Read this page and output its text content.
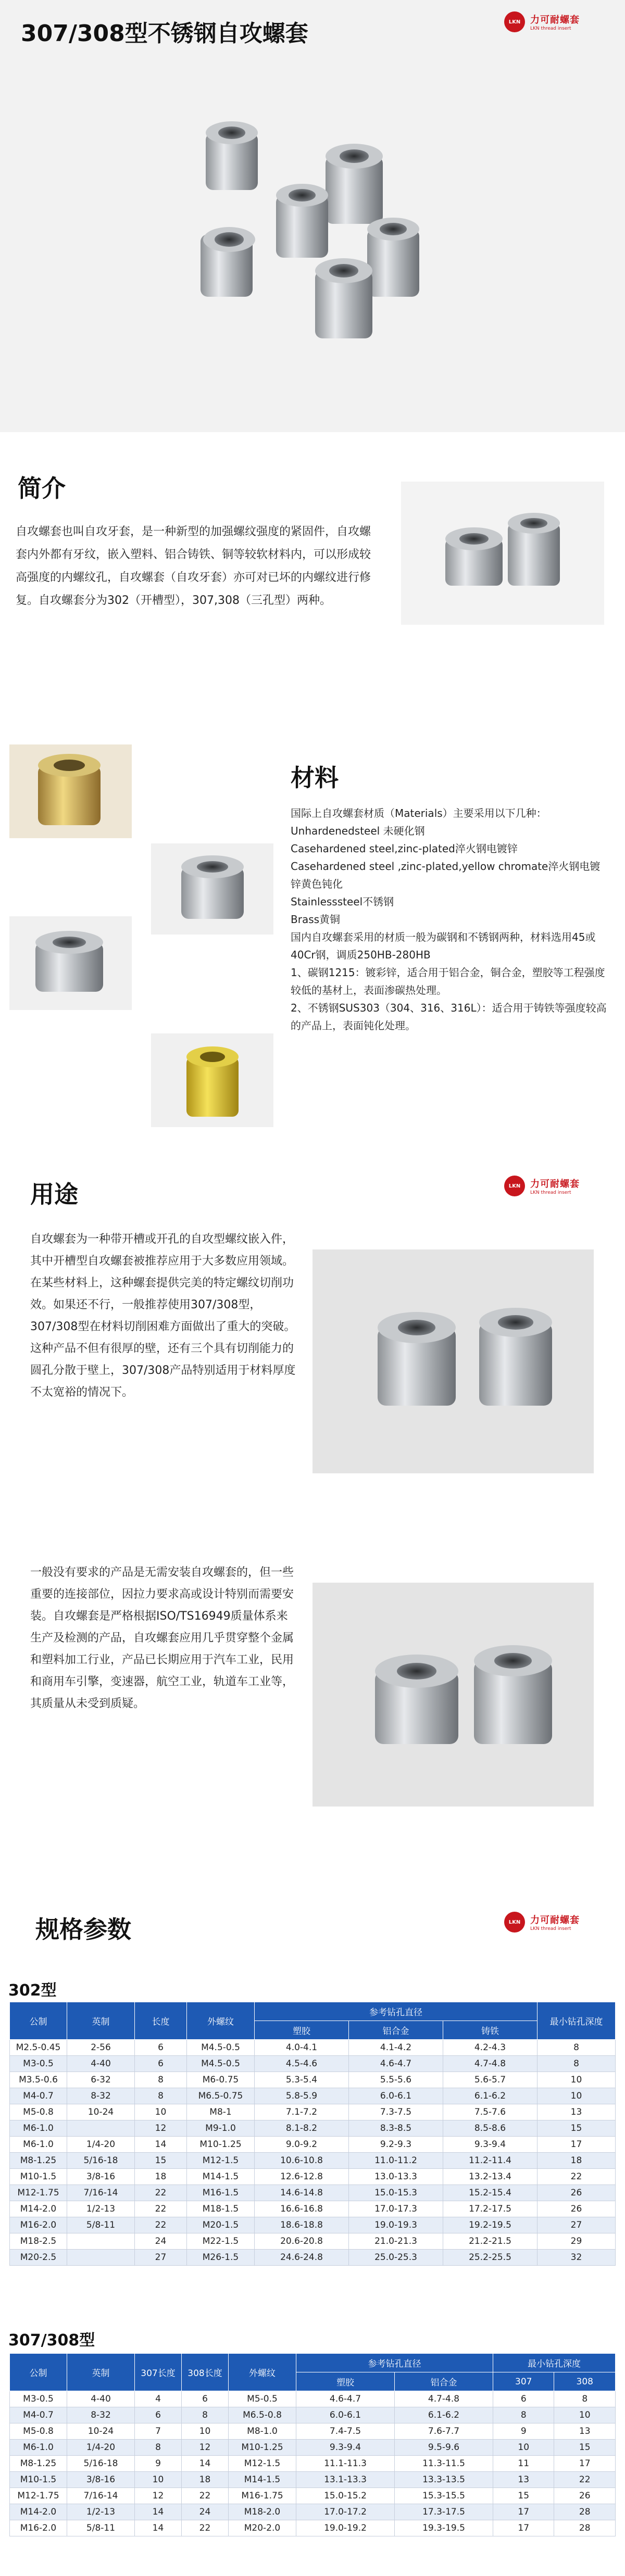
307/308型不锈钢自攻螺套	LKN	力可耐螺套
LKN thread insert
简介
自攻螺套也叫自攻牙套，是一种新型的加强螺纹强度的紧固件，自攻螺套内外都有牙纹，嵌入塑料、铝合铸铁、铜等较软材料内，可以形成较高强度的内螺纹孔，自攻螺套（自攻牙套）亦可对已坏的内螺纹进行修复。自攻螺套分为302（开槽型），307,308（三孔型）两种。
材料
国际上自攻螺套材质（Materials）主要采用以下几种：
Unhardenedsteel 未硬化钢
Casehardened steel,zinc-plated淬火钢电镀锌
Casehardened steel ,zinc-plated,yellow chromate淬火钢电镀锌黄色钝化
Stainlesssteel不锈钢
Brass黄铜
国内自攻螺套采用的材质一般为碳钢和不锈钢两种，材料选用45或40Cr钢，调质250HB-280HB
1、碳钢1215：镀彩锌，适合用于铝合金，铜合金，塑胶等工程强度较低的基材上，表面渗碳热处理。
2、不锈钢SUS303（304、316、316L）：适合用于铸铁等强度较高的产品上，表面钝化处理。
用途	LKN	力可耐螺套
LKN thread insert
自攻螺套为一种带开槽或开孔的自攻型螺纹嵌入件，其中开槽型自攻螺套被推荐应用于大多数应用领域。在某些材料上，这种螺套提供完美的特定螺纹切削功效。如果还不行，一般推荐使用307/308型，307/308型在材料切削困难方面做出了重大的突破。这种产品不但有很厚的壁，还有三个具有切削能力的圆孔分散于壁上，307/308产品特别适用于材料厚度不太宽裕的情况下。
一般没有要求的产品是无需安装自攻螺套的，但一些重要的连接部位，因拉力要求高或设计特别而需要安装。自攻螺套是严格根据ISO/TS16949质量体系来生产及检测的产品，自攻螺套应用几乎贯穿整个金属和塑料加工行业，产品已长期应用于汽车工业，民用和商用车引擎，变速器，航空工业，轨道车工业等，其质量从未受到质疑。
规格参数	LKN	力可耐螺套
LKN thread insert
302型
公制	英制	长度	外螺纹	参考钻孔直径			最小钻孔深度
				塑胶	铝合金	铸铁	
M2.5-0.45	2-56	6	M4.5-0.5	4.0-4.1	4.1-4.2	4.2-4.3	8
M3-0.5	4-40	6	M4.5-0.5	4.5-4.6	4.6-4.7	4.7-4.8	8
M3.5-0.6	6-32	8	M6-0.75	5.3-5.4	5.5-5.6	5.6-5.7	10
M4-0.7	8-32	8	M6.5-0.75	5.8-5.9	6.0-6.1	6.1-6.2	10
M5-0.8	10-24	10	M8-1	7.1-7.2	7.3-7.5	7.5-7.6	13
M6-1.0		12	M9-1.0	8.1-8.2	8.3-8.5	8.5-8.6	15
M6-1.0	1/4-20	14	M10-1.25	9.0-9.2	9.2-9.3	9.3-9.4	17
M8-1.25	5/16-18	15	M12-1.5	10.6-10.8	11.0-11.2	11.2-11.4	18
M10-1.5	3/8-16	18	M14-1.5	12.6-12.8	13.0-13.3	13.2-13.4	22
M12-1.75	7/16-14	22	M16-1.5	14.6-14.8	15.0-15.3	15.2-15.4	26
M14-2.0	1/2-13	22	M18-1.5	16.6-16.8	17.0-17.3	17.2-17.5	26
M16-2.0	5/8-11	22	M20-1.5	18.6-18.8	19.0-19.3	19.2-19.5	27
M18-2.5		24	M22-1.5	20.6-20.8	21.0-21.3	21.2-21.5	29
M20-2.5		27	M26-1.5	24.6-24.8	25.0-25.3	25.2-25.5	32
307/308型
公制	英制	307长度	308长度	外螺纹	参考钻孔直径		最小钻孔深度	
					塑胶	铝合金	307	308
M3-0.5	4-40	4	6	M5-0.5	4.6-4.7	4.7-4.8	6	8
M4-0.7	8-32	6	8	M6.5-0.8	6.0-6.1	6.1-6.2	8	10
M5-0.8	10-24	7	10	M8-1.0	7.4-7.5	7.6-7.7	9	13
M6-1.0	1/4-20	8	12	M10-1.25	9.3-9.4	9.5-9.6	10	15
M8-1.25	5/16-18	9	14	M12-1.5	11.1-11.3	11.3-11.5	11	17
M10-1.5	3/8-16	10	18	M14-1.5	13.1-13.3	13.3-13.5	13	22
M12-1.75	7/16-14	12	22	M16-1.75	15.0-15.2	15.3-15.5	15	26
M14-2.0	1/2-13	14	24	M18-2.0	17.0-17.2	17.3-17.5	17	28
M16-2.0	5/8-11	14	22	M20-2.0	19.0-19.2	19.3-19.5	17	28
